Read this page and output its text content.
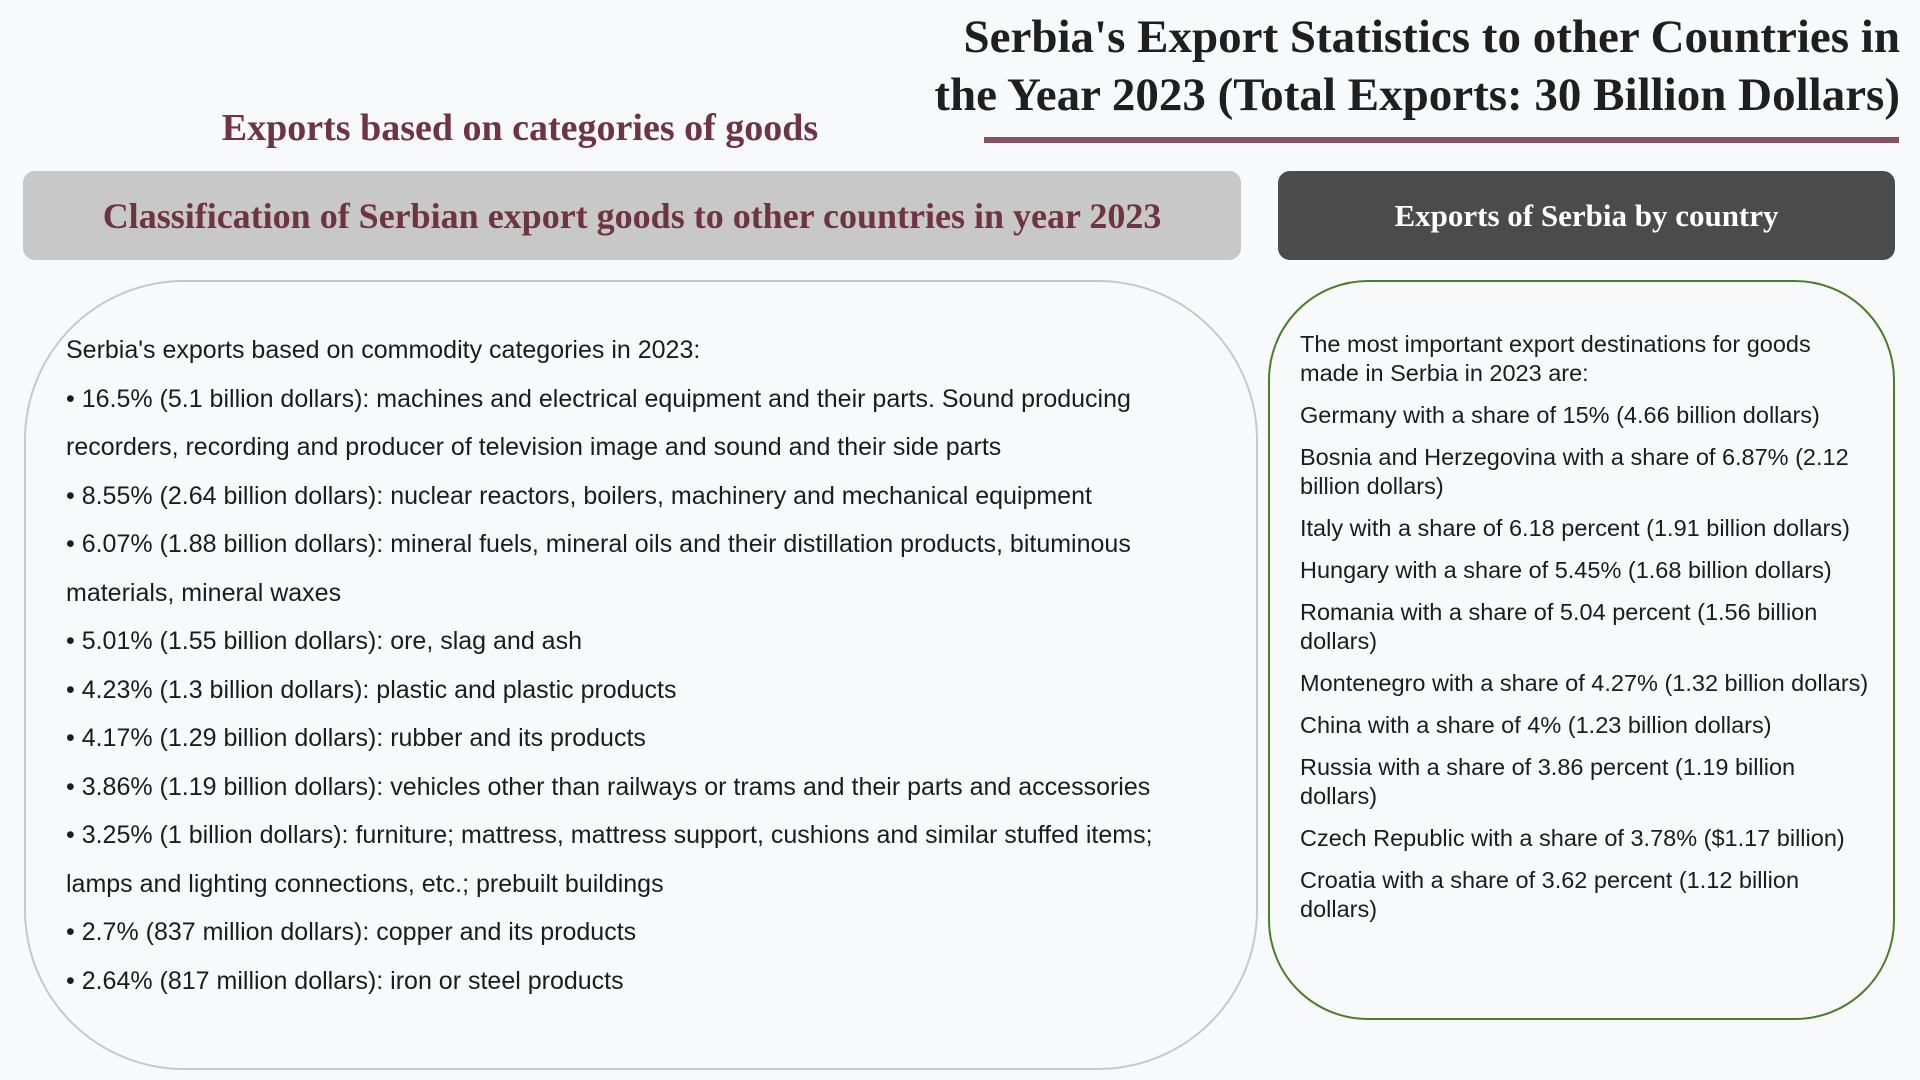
Serbia's Export Statistics to other Countries in
the Year 2023 (Total Exports: 30 Billion Dollars)
Exports based on categories of goods
Classification of Serbian export goods to other countries in year 2023	Exports of Serbia by country

Serbia's exports based on commodity categories in 2023:

• 16.5% (5.1 billion dollars): machines and electrical equipment and their parts. Sound producing recorders, recording and producer of television image and sound and their side parts
• 8.55% (2.64 billion dollars): nuclear reactors, boilers, machinery and mechanical equipment
• 6.07% (1.88 billion dollars): mineral fuels, mineral oils and their distillation products, bituminous materials, mineral waxes
• 5.01% (1.55 billion dollars): ore, slag and ash
• 4.23% (1.3 billion dollars): plastic and plastic products
• 4.17% (1.29 billion dollars): rubber and its products
• 3.86% (1.19 billion dollars): vehicles other than railways or trams and their parts and accessories
• 3.25% (1 billion dollars): furniture; mattress, mattress support, cushions and similar stuffed items; lamps and lighting connections, etc.; prebuilt buildings
• 2.7% (837 million dollars): copper and its products
• 2.64% (817 million dollars): iron or steel products

The most important export destinations for goods made in Serbia in 2023 are:

Germany with a share of 15% (4.66 billion dollars)
Bosnia and Herzegovina with a share of 6.87% (2.12 billion dollars)
Italy with a share of 6.18 percent (1.91 billion dollars)
Hungary with a share of 5.45% (1.68 billion dollars)
Romania with a share of 5.04 percent (1.56 billion dollars)
Montenegro with a share of 4.27% (1.32 billion dollars)
China with a share of 4% (1.23 billion dollars)
Russia with a share of 3.86 percent (1.19 billion dollars)
Czech Republic with a share of 3.78% ($1.17 billion)
Croatia with a share of 3.62 percent (1.12 billion dollars)
